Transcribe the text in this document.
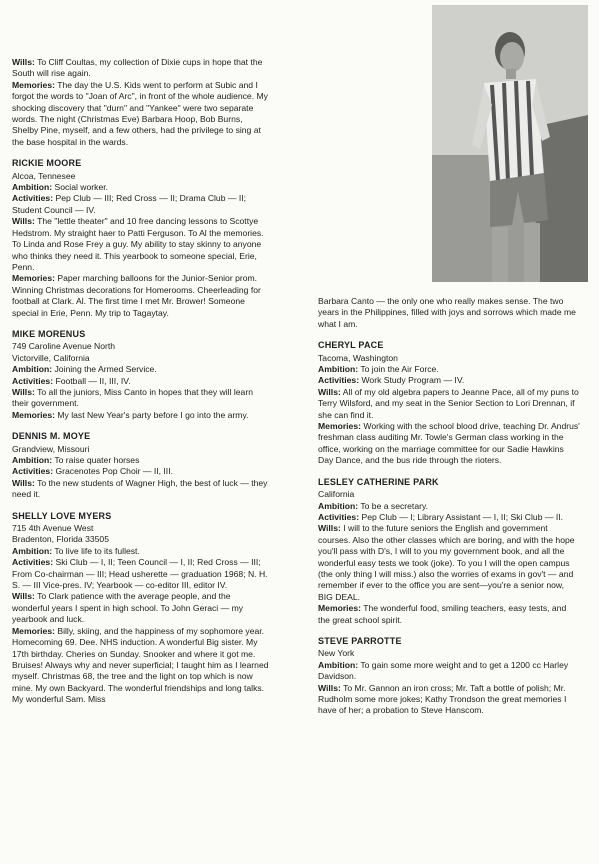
Wills: To Cliff Coultas, my collection of Dixie cups in hope that the South will rise again.

Memories: The day the U.S. Kids went to perform at Subic and I forgot the words to "Joan of Arc", in front of the whole audience. My shocking discovery that "durn" and "Yankee" were two separate words. The night (Christmas Eve) Barbara Hoop, Bob Burns, Shelby Pine, myself, and a few others, had the privilege to sing at the base hospital in the wards.

RICKIE MOORE
Alcoa, Tennesee

Ambition: Social worker.

Activities: Pep Club — III; Red Cross — II; Drama Club — II; Student Council — IV.

Wills: The "lettle theater" and 10 free dancing lessons to Scottye Hedstrom. My straight haer to Patti Ferguson. To Al the memories. To Linda and Rose Frey a guy. My ability to stay skinny to anyone who thinks they need it. This yearbook to someone special, Erie, Penn.

Memories: Paper marching balloons for the Junior-Senior prom. Winning Christmas decorations for Homerooms. Cheerleading for football at Clark. Al. The first time I met Mr. Brower! Someone special in Erie, Penn. My trip to Tagaytay.

MIKE MORENUS
749 Caroline Avenue North
Victorville, California

Ambition: Joining the Armed Service.

Activities: Football — II, III, IV.

Wills: To all the juniors, Miss Canto in hopes that they will learn their government.

Memories: My last New Year's party before I go into the army.

DENNIS M. MOYE
Grandview, Missouri

Ambition: To raise quater horses

Activities: Gracenotes Pop Choir — II, III.

Wills: To the new students of Wagner High, the best of luck — they need it.

SHELLY LOVE MYERS
715 4th Avenue West
Bradenton, Florida 33505

Ambition: To live life to its fullest.

Activities: Ski Club — I, II; Teen Council — I, II; Red Cross — III; From Co-chairman — III; Head usherette — graduation 1968; N. H. S. — III Vice-pres. IV; Yearbook — co-editor III, editor IV.

Wills: To Clark patience with the average people, and the wonderful years I spent in high school. To John Geraci — my yearbook and luck.

Memories: Billy, skiing, and the happiness of my sophomore year. Homecoming 69. Dee. NHS induction. A wonderful Big sister. My 17th birthday. Cheries on Sunday. Snooker and where it got me. Bruises! Always why and never superficial; I taught him as I learned myself. Christmas 68, the tree and the light on top which is now mine. My own Backyard. The wonderful friendships and long talks. My wonderful Sam. Miss

Barbara Canto — the only one who really makes sense. The two years in the Philippines, filled with joys and sorrows which made me what I am.

CHERYL PACE
Tacoma, Washington

Ambition: To join the Air Force.

Activities: Work Study Program — IV.

Wills: All of my old algebra papers to Jeanne Pace, all of my puns to Terry Wilsford, and my seat in the Senior Section to Lori Drennan, if she can find it.

Memories: Working with the school blood drive, teaching Dr. Andrus' freshman class auditing Mr. Towle's German class working in the office, working on the marriage committee for our Sadie Hawkins Day Dance, and the bus ride through the rioters.

LESLEY CATHERINE PARK
California

Ambition: To be a secretary.

Activities: Pep Club — I; Library Assistant — I, II; Ski Club — II.

Wills: I will to the future seniors the English and government courses. Also the other classes which are boring, and with the hope you'll pass with D's, I will to you my government book, and all the wonderful easy tests we took (joke). To you I will the open campus (the only thing I will miss.) also the worries of exams in gov't — and remember if ever to the office you are sent—you're a senior now, BIG DEAL.

Memories: The wonderful food, smiling teachers, easy tests, and the great school spirit.

STEVE PARROTTE
New York

Ambition: To gain some more weight and to get a 1200 cc Harley Davidson.

Wills: To Mr. Gannon an iron cross; Mr. Taft a bottle of polish; Mr. Rudholm some more jokes; Kathy Trondson the great memories I have of her; a probation to Steve Hanscom.
